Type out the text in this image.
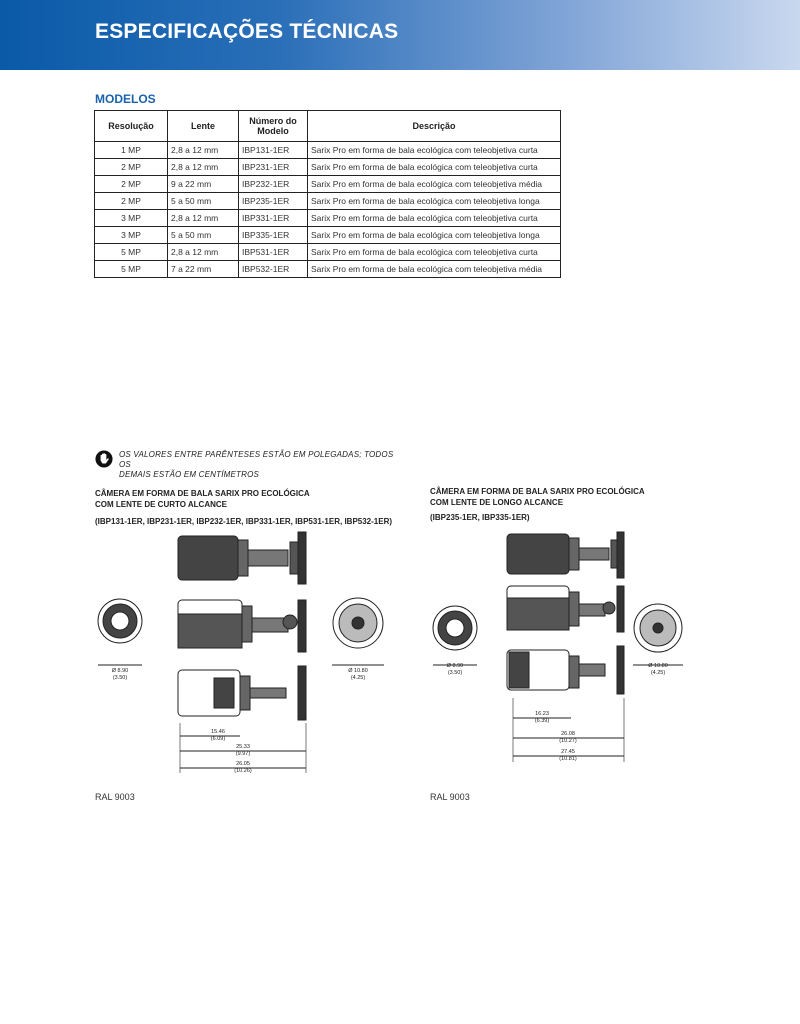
ESPECIFICAÇÕES TÉCNICAS
MODELOS
Resolução	Lente	Número do Modelo	Descrição
1 MP	2,8 a 12 mm	IBP131-1ER	Sarix Pro em forma de bala ecológica com teleobjetiva curta
2 MP	2,8 a 12 mm	IBP231-1ER	Sarix Pro em forma de bala ecológica com teleobjetiva curta
2 MP	9 a 22 mm	IBP232-1ER	Sarix Pro em forma de bala ecológica com teleobjetiva média
2 MP	5 a 50 mm	IBP235-1ER	Sarix Pro em forma de bala ecológica com teleobjetiva longa
3 MP	2,8 a 12 mm	IBP331-1ER	Sarix Pro em forma de bala ecológica com teleobjetiva curta
3 MP	5 a 50 mm	IBP335-1ER	Sarix Pro em forma de bala ecológica com teleobjetiva longa
5 MP	2,8 a 12 mm	IBP531-1ER	Sarix Pro em forma de bala ecológica com teleobjetiva curta
5 MP	7 a 22 mm	IBP532-1ER	Sarix Pro em forma de bala ecológica com teleobjetiva média
OS VALORES ENTRE PARÊNTESES ESTÃO EM POLEGADAS; TODOS OS
DEMAIS ESTÃO EM CENTÍMETROS
CÂMERA EM FORMA DE BALA SARIX PRO ECOLÓGICA
COM LENTE DE CURTO ALCANCE
(IBP131-1ER, IBP231-1ER, IBP232-1ER, IBP331-1ER, IBP531-1ER, IBP532-1ER)
Ø 8.90
(3.50)
Ø 10.80
(4.25)
15.46
(6.09)
25.33
(9.97)
26.05
(10.26)
RAL 9003
CÂMERA EM FORMA DE BALA SARIX PRO ECOLÓGICA
COM LENTE DE LONGO ALCANCE
(IBP235-1ER, IBP335-1ER)
Ø 8.90
(3.50)
Ø 10.80
(4.25)
16.23
(6.39)
26.08
(10.27)
27.45
(10.81)
RAL 9003
